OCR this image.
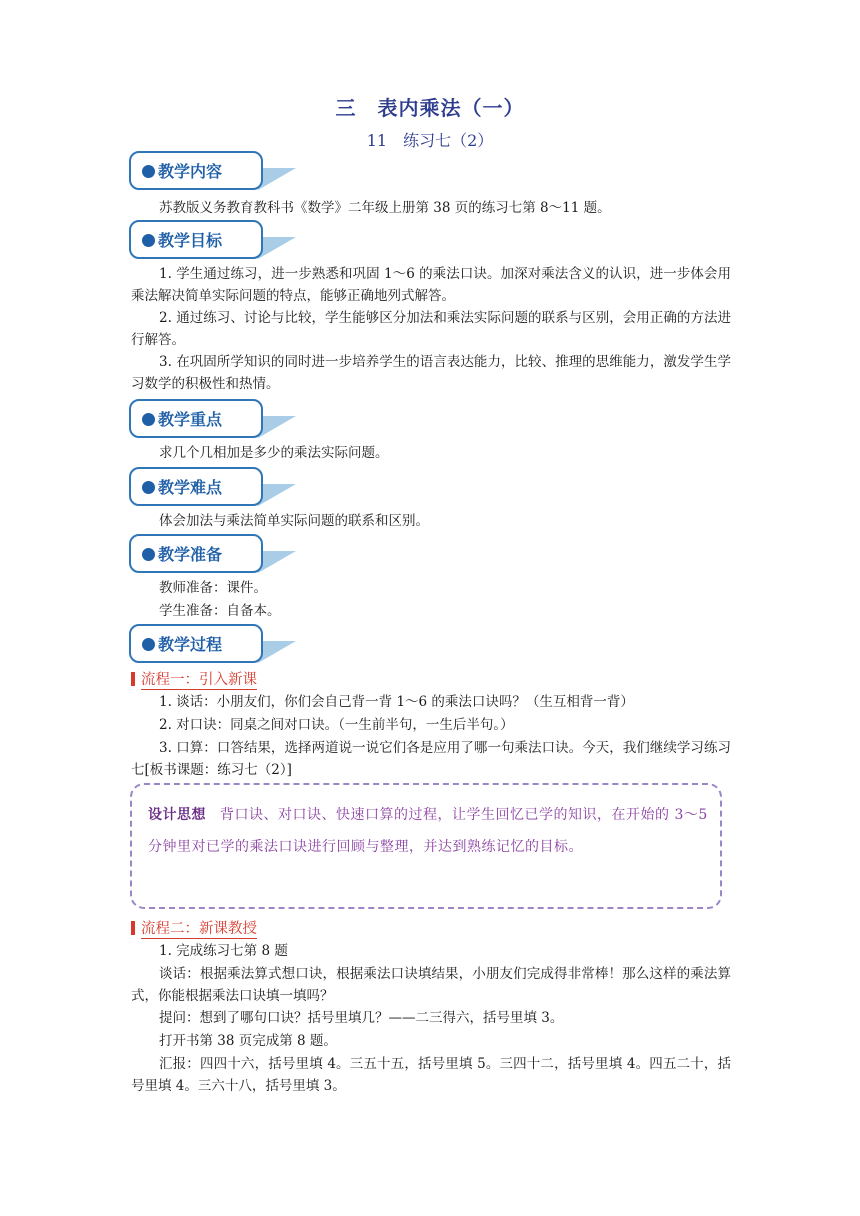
三　表内乘法（一）
11　练习七（2）
教学内容
苏教版义务教育教科书《数学》二年级上册第 38 页的练习七第 8～11 题。
教学目标
1. 学生通过练习，进一步熟悉和巩固 1～6 的乘法口诀。加深对乘法含义的认识，进一步体会用乘法解决简单实际问题的特点，能够正确地列式解答。
2. 通过练习、讨论与比较，学生能够区分加法和乘法实际问题的联系与区别，会用正确的方法进行解答。
3. 在巩固所学知识的同时进一步培养学生的语言表达能力，比较、推理的思维能力，激发学生学习数学的积极性和热情。
教学重点
求几个几相加是多少的乘法实际问题。
教学难点
体会加法与乘法简单实际问题的联系和区别。
教学准备
教师准备：课件。
学生准备：自备本。
教学过程
流程一：引入新课
1. 谈话：小朋友们，你们会自己背一背 1～6 的乘法口诀吗？（生互相背一背）
2. 对口诀：同桌之间对口诀。（一生前半句，一生后半句。）
3. 口算：口答结果，选择两道说一说它们各是应用了哪一句乘法口诀。今天，我们继续学习练习七[板书课题：练习七（2）]
设计思想 背口诀、对口诀、快速口算的过程，让学生回忆已学的知识，在开始的 3～5 分钟里对已学的乘法口诀进行回顾与整理，并达到熟练记忆的目标。
流程二：新课教授
1. 完成练习七第 8 题
谈话：根据乘法算式想口诀，根据乘法口诀填结果，小朋友们完成得非常棒！那么这样的乘法算式，你能根据乘法口诀填一填吗？
提问：想到了哪句口诀？括号里填几？——二三得六，括号里填 3。
打开书第 38 页完成第 8 题。
汇报：四四十六，括号里填 4。三五十五，括号里填 5。三四十二，括号里填 4。四五二十，括号里填 4。三六十八，括号里填 3。
